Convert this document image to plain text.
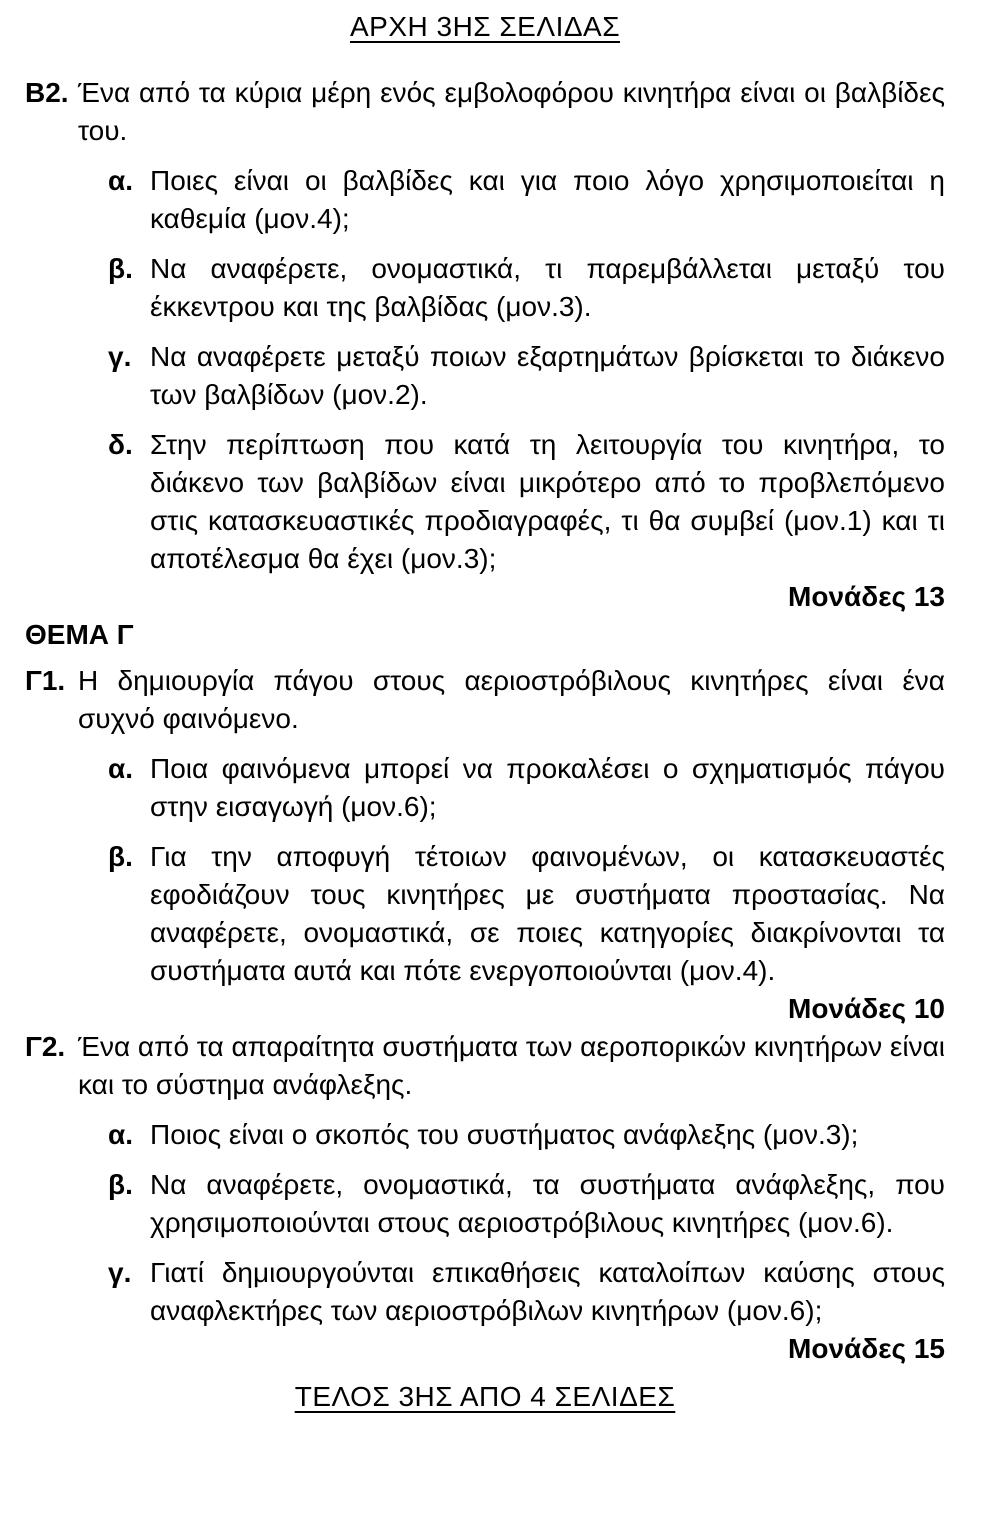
ΑΡΧΗ 3ΗΣ ΣΕΛΙΔΑΣ
Β2. Ένα από τα κύρια μέρη ενός εμβολοφόρου κινητήρα είναι οι βαλβίδες του.

α. Ποιες είναι οι βαλβίδες και για ποιο λόγο χρησιμοποιείται η καθεμία (μον.4);
β. Να αναφέρετε, ονομαστικά, τι παρεμβάλλεται μεταξύ του έκκεντρου και της βαλβίδας (μον.3).
γ. Να αναφέρετε μεταξύ ποιων εξαρτημάτων βρίσκεται το διάκενο των βαλβίδων (μον.2).
δ. Στην περίπτωση που κατά τη λειτουργία του κινητήρα, το διάκενο των βαλβίδων είναι μικρότερο από το προβλεπόμενο στις κατασκευαστικές προδιαγραφές, τι θα συμβεί (μον.1) και τι αποτέλεσμα θα έχει (μον.3);
Μονάδες 13
ΘΕΜΑ Γ
Γ1. Η δημιουργία πάγου στους αεριοστρόβιλους κινητήρες είναι ένα συχνό φαινόμενο.

α. Ποια φαινόμενα μπορεί να προκαλέσει ο σχηματισμός πάγου στην εισαγωγή (μον.6);
β. Για την αποφυγή τέτοιων φαινομένων, οι κατασκευαστές εφοδιάζουν τους κινητήρες με συστήματα προστασίας. Να αναφέρετε, ονομαστικά, σε ποιες κατηγορίες διακρίνονται τα συστήματα αυτά και πότε ενεργοποιούνται (μον.4).
Μονάδες 10
Γ2. Ένα από τα απαραίτητα συστήματα των αεροπορικών κινητήρων είναι και το σύστημα ανάφλεξης.

α. Ποιος είναι ο σκοπός του συστήματος ανάφλεξης (μον.3);
β. Να αναφέρετε, ονομαστικά, τα συστήματα ανάφλεξης, που χρησιμοποιούνται στους αεριοστρόβιλους κινητήρες (μον.6).
γ. Γιατί δημιουργούνται επικαθήσεις καταλοίπων καύσης στους αναφλεκτήρες των αεριοστρόβιλων κινητήρων (μον.6);
Μονάδες 15
ΤΕΛΟΣ 3ΗΣ ΑΠΟ 4 ΣΕΛΙΔΕΣ
